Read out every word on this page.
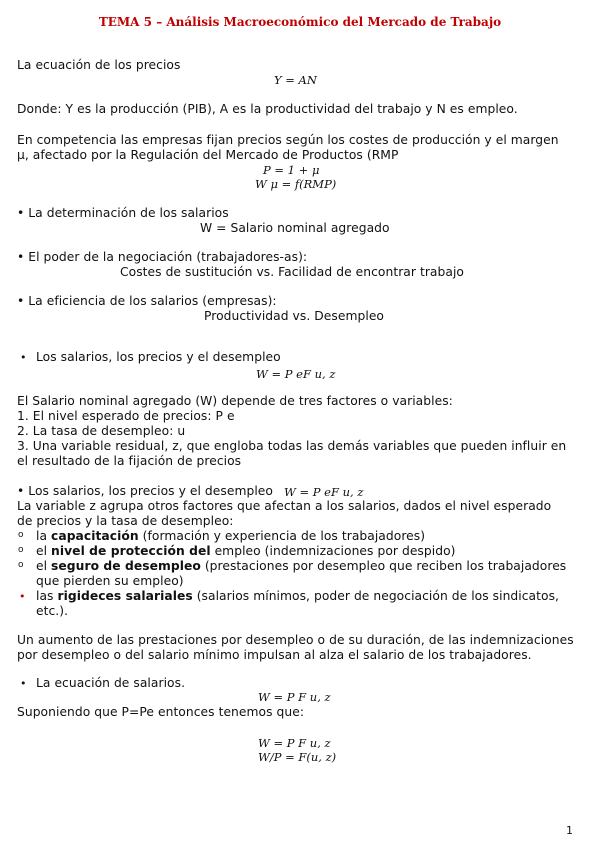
TEMA 5 – Análisis Macroeconómico del Mercado de Trabajo
La ecuación de los precios
Y = AN
Donde: Y es la producción (PIB), A es la productividad del trabajo y N es empleo.
En competencia las empresas fijan precios según los costes de producción y el margen
μ, afectado por la Regulación del Mercado de Productos (RMP
P = 1 + μ
W μ = f(RMP)
• La determinación de los salarios
W = Salario nominal agregado
• El poder de la negociación (trabajadores-as):
Costes de sustitución vs. Facilidad de encontrar trabajo
• La eficiencia de los salarios (empresas):
Productividad vs. Desempleo
• Los salarios, los precios y el desempleo
W = P eF u, z
El Salario nominal agregado (W) depende de tres factores o variables:
1. El nivel esperado de precios: P e
2. La tasa de desempleo: u
3. Una variable residual, z, que engloba todas las demás variables que pueden influir en
el resultado de la fijación de precios
• Los salarios, los precios y el desempleo W = P eF u, z
La variable z agrupa otros factores que afectan a los salarios, dados el nivel esperado
de precios y la tasa de desempleo:
o la capacitación (formación y experiencia de los trabajadores)
o el nivel de protección del empleo (indemnizaciones por despido)
o el seguro de desempleo (prestaciones por desempleo que reciben los trabajadores
que pierden su empleo)
• las rigideces salariales (salarios mínimos, poder de negociación de los sindicatos,
etc.).
Un aumento de las prestaciones por desempleo o de su duración, de las indemnizaciones
por desempleo o del salario mínimo impulsan al alza el salario de los trabajadores.
• La ecuación de salarios.
W = P F u, z
Suponiendo que P=Pe entonces tenemos que:
W = P F u, z
W/P = F(u, z)
1
